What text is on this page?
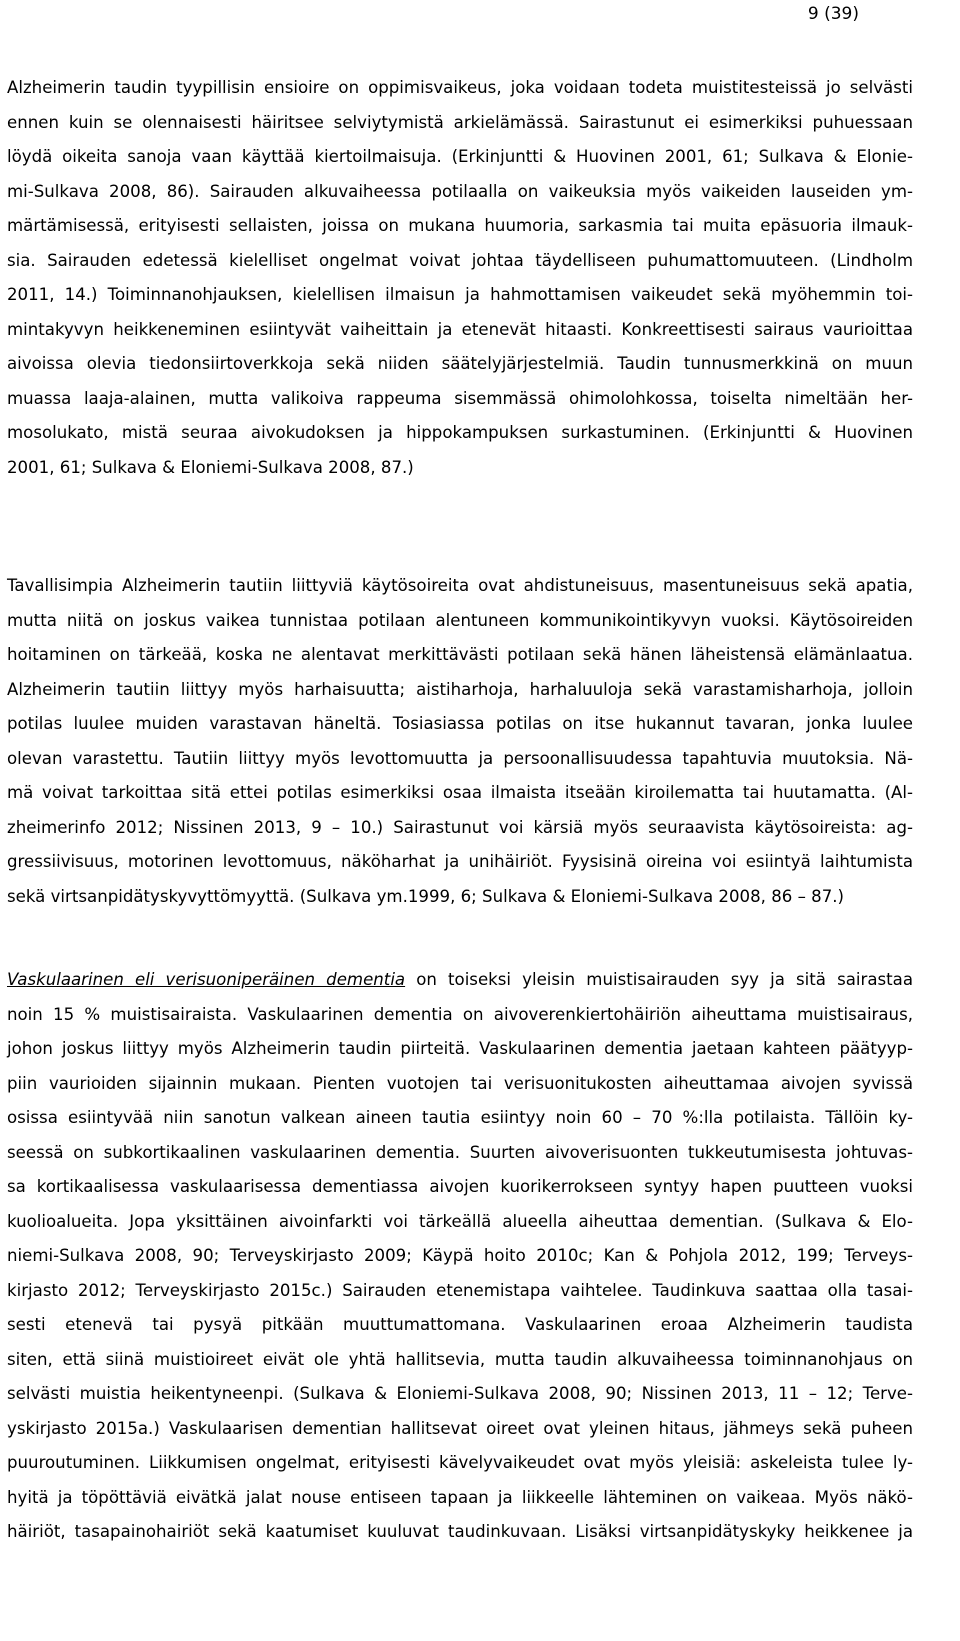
9 (39)
Alzheimerin taudin tyypillisin ensioire on oppimisvaikeus, joka voidaan todeta muistitesteissä jo selvästi
ennen kuin se olennaisesti häiritsee selviytymistä arkielämässä. Sairastunut ei esimerkiksi puhuessaan
löydä oikeita sanoja vaan käyttää kiertoilmaisuja. (Erkinjuntti & Huovinen 2001, 61; Sulkava & Elonie-
mi-Sulkava 2008, 86). Sairauden alkuvaiheessa potilaalla on vaikeuksia myös vaikeiden lauseiden ym-
märtämisessä, erityisesti sellaisten, joissa on mukana huumoria, sarkasmia tai muita epäsuoria ilmauk-
sia. Sairauden edetessä kielelliset ongelmat voivat johtaa täydelliseen puhumattomuuteen. (Lindholm
2011, 14.) Toiminnanohjauksen, kielellisen ilmaisun ja hahmottamisen vaikeudet sekä myöhemmin toi-
mintakyvyn heikkeneminen esiintyvät vaiheittain ja etenevät hitaasti. Konkreettisesti sairaus vaurioittaa
aivoissa olevia tiedonsiirtoverkkoja sekä niiden säätelyjärjestelmiä. Taudin tunnusmerkkinä on muun
muassa laaja-alainen, mutta valikoiva rappeuma sisemmässä ohimolohkossa, toiselta nimeltään her-
mosolukato, mistä seuraa aivokudoksen ja hippokampuksen surkastuminen. (Erkinjuntti & Huovinen
2001, 61; Sulkava & Eloniemi-Sulkava 2008, 87.)
Tavallisimpia Alzheimerin tautiin liittyviä käytösoireita ovat ahdistuneisuus, masentuneisuus sekä apatia,
mutta niitä on joskus vaikea tunnistaa potilaan alentuneen kommunikointikyvyn vuoksi. Käytösoireiden
hoitaminen on tärkeää, koska ne alentavat merkittävästi potilaan sekä hänen läheistensä elämänlaatua.
Alzheimerin tautiin liittyy myös harhaisuutta; aistiharhoja, harhaluuloja sekä varastamisharhoja, jolloin
potilas luulee muiden varastavan häneltä. Tosiasiassa potilas on itse hukannut tavaran, jonka luulee
olevan varastettu. Tautiin liittyy myös levottomuutta ja persoonallisuudessa tapahtuvia muutoksia. Nä-
mä voivat tarkoittaa sitä ettei potilas esimerkiksi osaa ilmaista itseään kiroilematta tai huutamatta. (Al-
zheimerinfo 2012; Nissinen 2013, 9 – 10.) Sairastunut voi kärsiä myös seuraavista käytösoireista: ag-
gressiivisuus, motorinen levottomuus, näköharhat ja unihäiriöt. Fyysisinä oireina voi esiintyä laihtumista
sekä virtsanpidätyskyvyttömyyttä. (Sulkava ym.1999, 6; Sulkava & Eloniemi-Sulkava 2008, 86 – 87.)
Vaskulaarinen eli verisuoniperäinen dementia on toiseksi yleisin muistisairauden syy ja sitä sairastaa
noin 15 % muistisairaista. Vaskulaarinen dementia on aivoverenkiertohäiriön aiheuttama muistisairaus,
johon joskus liittyy myös Alzheimerin taudin piirteitä. Vaskulaarinen dementia jaetaan kahteen päätyyp-
piin vaurioiden sijainnin mukaan. Pienten vuotojen tai verisuonitukosten aiheuttamaa aivojen syvissä
osissa esiintyvää niin sanotun valkean aineen tautia esiintyy noin 60 – 70 %:lla potilaista. Tällöin ky-
seessä on subkortikaalinen vaskulaarinen dementia. Suurten aivoverisuonten tukkeutumisesta johtuvas-
sa kortikaalisessa vaskulaarisessa dementiassa aivojen kuorikerrokseen syntyy hapen puutteen vuoksi
kuolioalueita. Jopa yksittäinen aivoinfarkti voi tärkeällä alueella aiheuttaa dementian. (Sulkava & Elo-
niemi-Sulkava 2008, 90; Terveyskirjasto 2009; Käypä hoito 2010c; Kan & Pohjola 2012, 199; Terveys-
kirjasto 2012; Terveyskirjasto 2015c.) Sairauden etenemistapa vaihtelee. Taudinkuva saattaa olla tasai-
sesti etenevä tai pysyä pitkään muuttumattomana. Vaskulaarinen eroaa Alzheimerin taudista
siten, että siinä muistioireet eivät ole yhtä hallitsevia, mutta taudin alkuvaiheessa toiminnanohjaus on
selvästi muistia heikentyneenpi. (Sulkava & Eloniemi-Sulkava 2008, 90; Nissinen 2013, 11 – 12; Terve-
yskirjasto 2015a.) Vaskulaarisen dementian hallitsevat oireet ovat yleinen hitaus, jähmeys sekä puheen
puuroutuminen. Liikkumisen ongelmat, erityisesti kävelyvaikeudet ovat myös yleisiä: askeleista tulee ly-
hyitä ja töpöttäviä eivätkä jalat nouse entiseen tapaan ja liikkeelle lähteminen on vaikeaa. Myös näkö-
häiriöt, tasapainohairiöt sekä kaatumiset kuuluvat taudinkuvaan. Lisäksi virtsanpidätyskyky heikkenee ja
